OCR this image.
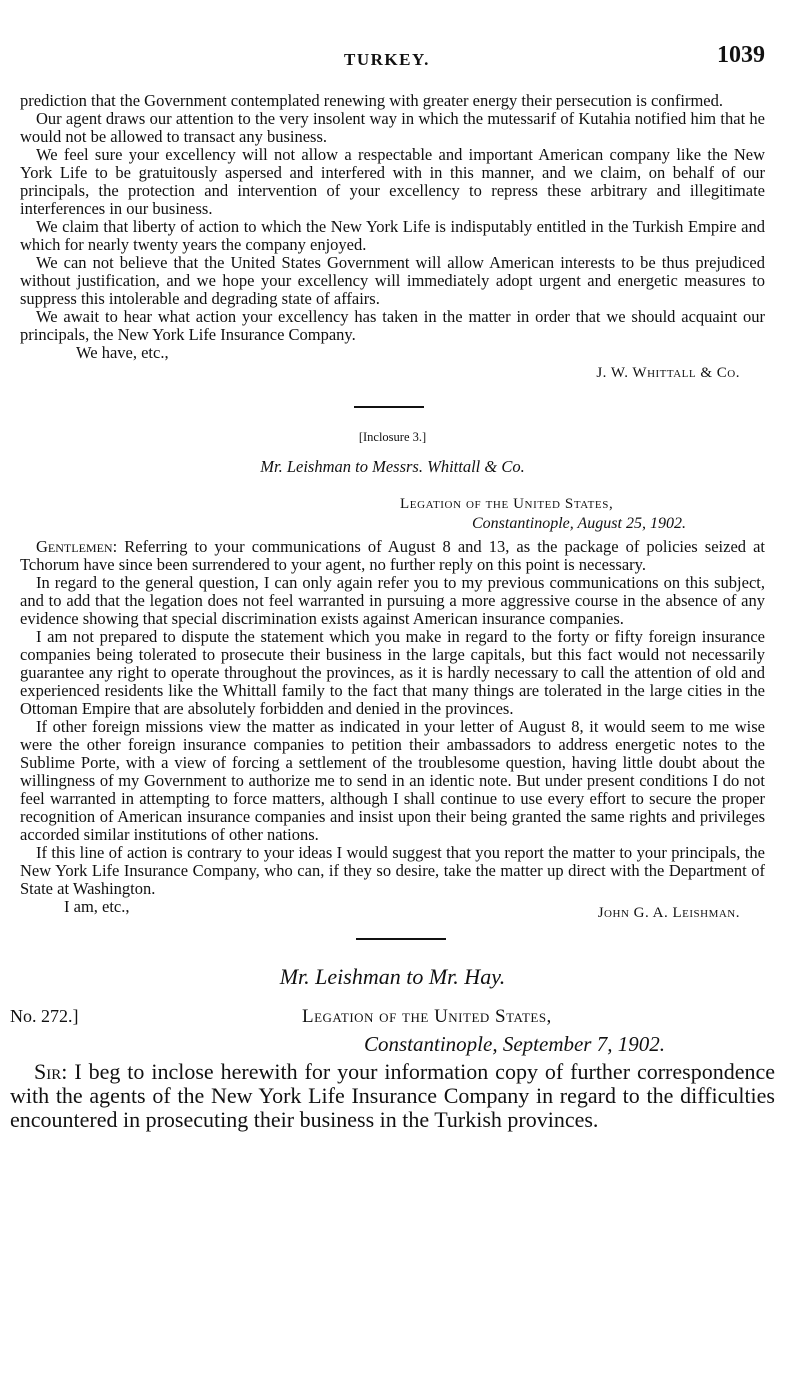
TURKEY.	1039

prediction that the Government contemplated renewing with greater energy their persecution is confirmed.

Our agent draws our attention to the very insolent way in which the mutessarif of Kutahia notified him that he would not be allowed to transact any business.

We feel sure your excellency will not allow a respectable and important American company like the New York Life to be gratuitously aspersed and interfered with in this manner, and we claim, on behalf of our principals, the protection and intervention of your excellency to repress these arbitrary and illegitimate interferences in our business.

We claim that liberty of action to which the New York Life is indisputably entitled in the Turkish Empire and which for nearly twenty years the company enjoyed.

We can not believe that the United States Government will allow American interests to be thus prejudiced without justification, and we hope your excellency will immediately adopt urgent and energetic measures to suppress this intolerable and degrading state of affairs.

We await to hear what action your excellency has taken in the matter in order that we should acquaint our principals, the New York Life Insurance Company.

We have, etc.,
J. W. Whittall & Co.
[Inclosure 3.]
Mr. Leishman to Messrs. Whittall & Co.
Legation of the United States,
Constantinople, August 25, 1902.

Gentlemen: Referring to your communications of August 8 and 13, as the package of policies seized at Tchorum have since been surrendered to your agent, no further reply on this point is necessary.

In regard to the general question, I can only again refer you to my previous communications on this subject, and to add that the legation does not feel warranted in pursuing a more aggressive course in the absence of any evidence showing that special discrimination exists against American insurance companies.

I am not prepared to dispute the statement which you make in regard to the forty or fifty foreign insurance companies being tolerated to prosecute their business in the large capitals, but this fact would not necessarily guarantee any right to operate throughout the provinces, as it is hardly necessary to call the attention of old and experienced residents like the Whittall family to the fact that many things are tolerated in the large cities in the Ottoman Empire that are absolutely forbidden and denied in the provinces.

If other foreign missions view the matter as indicated in your letter of August 8, it would seem to me wise were the other foreign insurance companies to petition their ambassadors to address energetic notes to the Sublime Porte, with a view of forcing a settlement of the troublesome question, having little doubt about the willingness of my Government to authorize me to send in an identic note. But under present conditions I do not feel warranted in attempting to force matters, although I shall continue to use every effort to secure the proper recognition of American insurance companies and insist upon their being granted the same rights and privileges accorded similar institutions of other nations.

If this line of action is contrary to your ideas I would suggest that you report the matter to your principals, the New York Life Insurance Company, who can, if they so desire, take the matter up direct with the Department of State at Washington.

I am, etc.,	John G. A. Leishman.
Mr. Leishman to Mr. Hay.
No. 272.]	Legation of the United States,
Constantinople, September 7, 1902.

Sir: I beg to inclose herewith for your information copy of further correspondence with the agents of the New York Life Insurance Company in regard to the difficulties encountered in prosecuting their business in the Turkish provinces.
